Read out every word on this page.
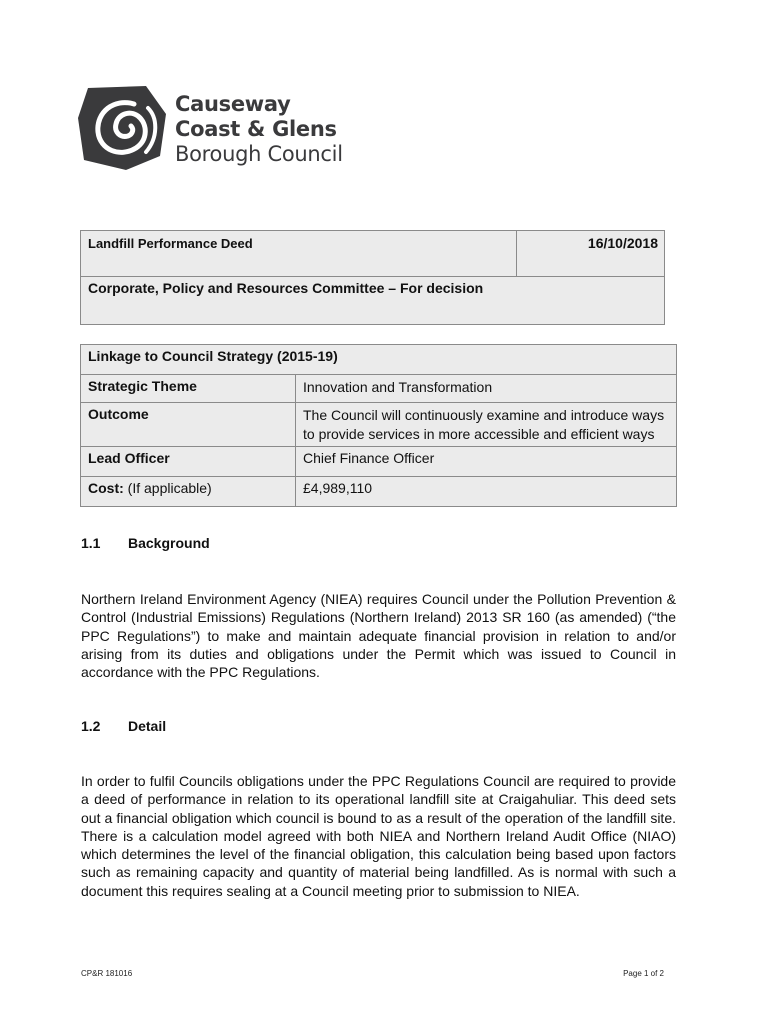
Causeway
Coast & Glens
Borough Council
Landfill Performance Deed	16/10/2018
Corporate, Policy and Resources Committee – For decision
Linkage to Council Strategy (2015-19)	
Strategic Theme	Innovation and Transformation
Outcome	The Council will continuously examine and introduce ways to provide services in more accessible and efficient ways
Lead Officer	Chief Finance Officer
Cost: (If applicable)	£4,989,110
1.1 Background

Northern Ireland Environment Agency (NIEA) requires Council under the Pollution Prevention & Control (Industrial Emissions) Regulations (Northern Ireland) 2013 SR 160 (as amended) (“the PPC Regulations”) to make and maintain adequate financial provision in relation to and/or arising from its duties and obligations under the Permit which was issued to Council in accordance with the PPC Regulations.

1.2 Detail

In order to fulfil Councils obligations under the PPC Regulations Council are required to provide a deed of performance in relation to its operational landfill site at Craigahuliar. This deed sets out a financial obligation which council is bound to as a result of the operation of the landfill site. There is a calculation model agreed with both NIEA and Northern Ireland Audit Office (NIAO) which determines the level of the financial obligation, this calculation being based upon factors such as remaining capacity and quantity of material being landfilled. As is normal with such a document this requires sealing at a Council meeting prior to submission to NIEA.

CP&R 181016	Page 1 of 2
